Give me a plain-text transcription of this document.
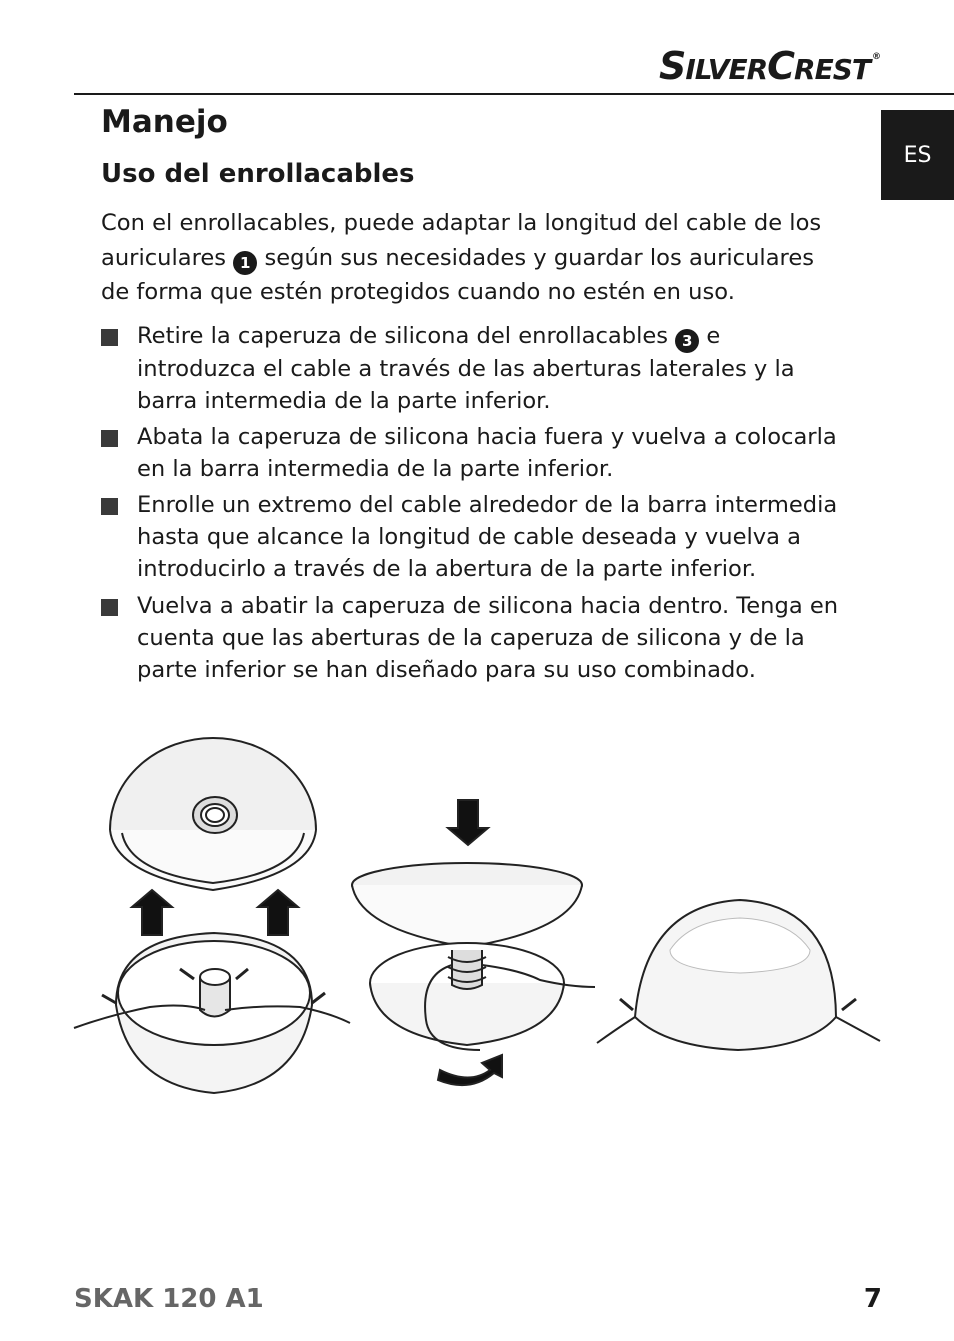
SILVERCREST ®
ES
Manejo
Uso del enrollacables

Con el enrollacables, puede adaptar la longitud del cable de los auriculares 1 según sus necesidades y guardar los auriculares de forma que estén protegidos cuando no estén en uso.

Retire la caperuza de silicona del enrollacables 3 e introduzca el cable a través de las aberturas laterales y la barra intermedia de la parte inferior.
Abata la caperuza de silicona hacia fuera y vuelva a colocarla en la barra intermedia de la parte inferior.
Enrolle un extremo del cable alrededor de la barra intermedia hasta que alcance la longitud de cable deseada y vuelva a introducirlo a través de la abertura de la parte inferior.
Vuelva a abatir la caperuza de silicona hacia dentro. Tenga en cuenta que las aberturas de la caperuza de silicona y de la parte inferior se han diseñado para su uso combinado.
SKAK 120 A1	7
